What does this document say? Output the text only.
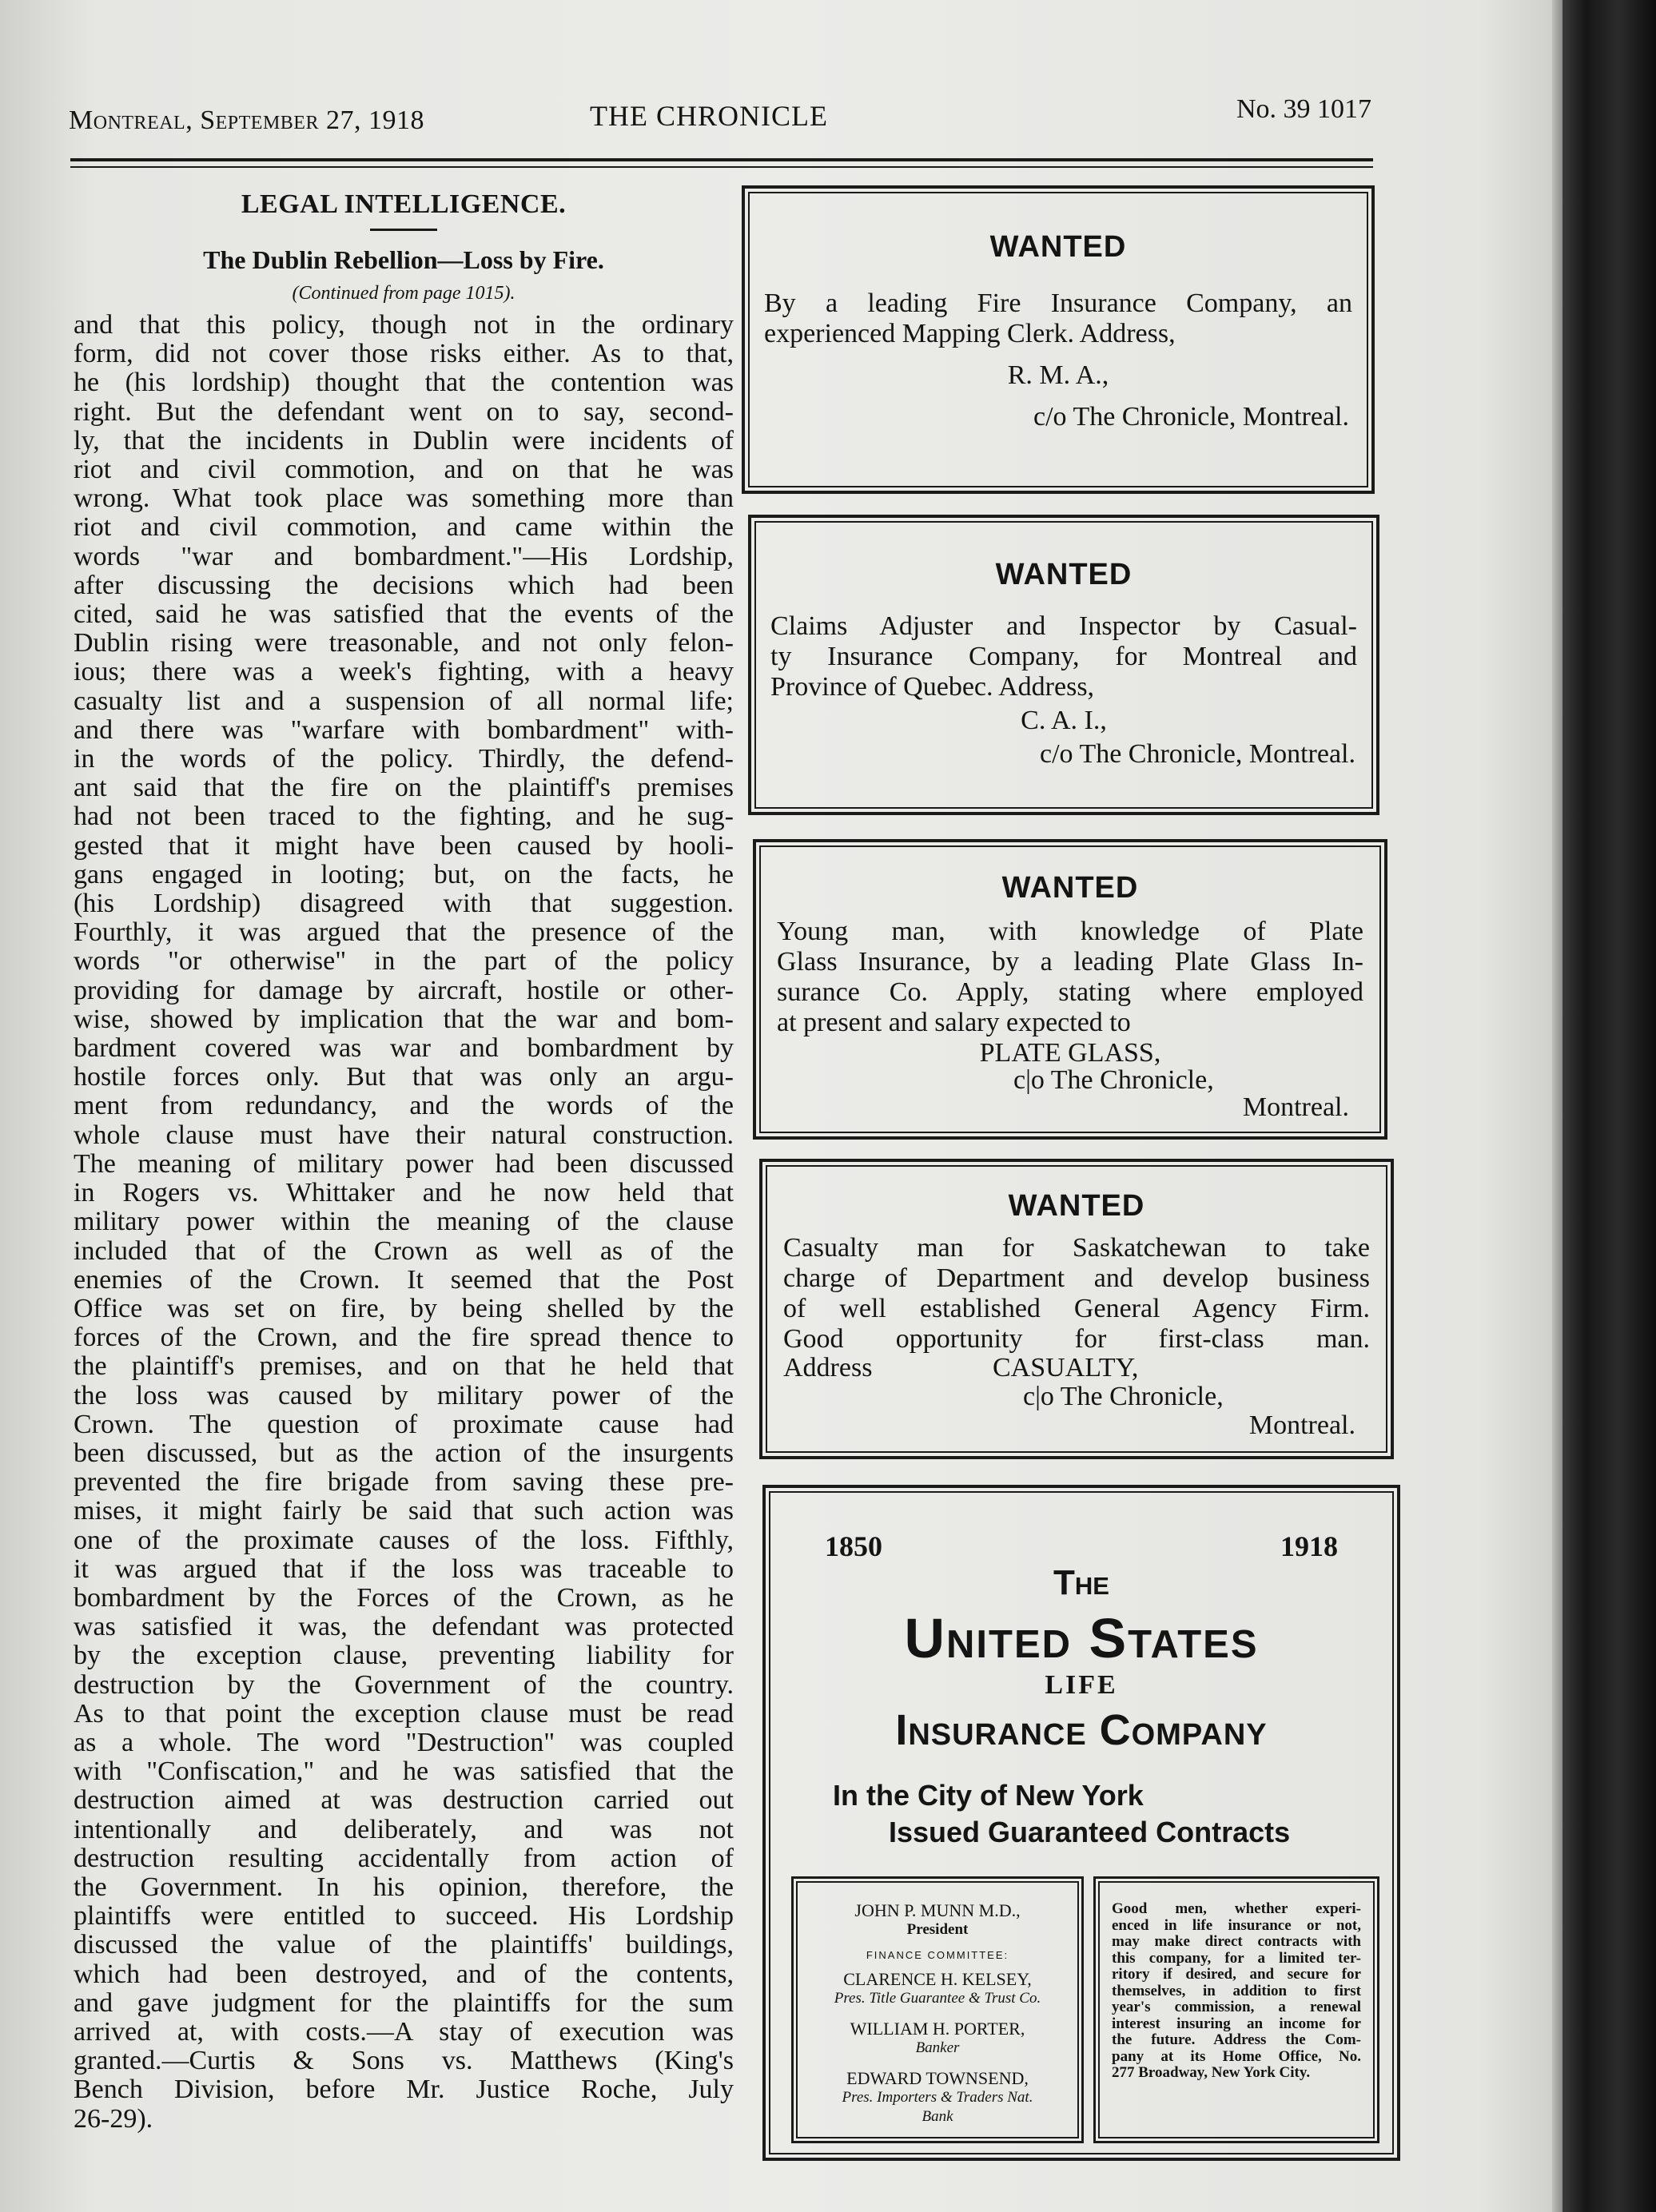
Montreal, September 27, 1918	THE CHRONICLE	No. 39 1017
LEGAL INTELLIGENCE.
The Dublin Rebellion—Loss by Fire.
(Continued from page 1015).
and that this policy, though not in the ordinary
form, did not cover those risks either. As to that,
he (his lordship) thought that the contention was
right. But the defendant went on to say, second-
ly, that the incidents in Dublin were incidents of
riot and civil commotion, and on that he was
wrong. What took place was something more than
riot and civil commotion, and came within the
words "war and bombardment."—His Lordship,
after discussing the decisions which had been
cited, said he was satisfied that the events of the
Dublin rising were treasonable, and not only felon-
ious; there was a week's fighting, with a heavy
casualty list and a suspension of all normal life;
and there was "warfare with bombardment" with-
in the words of the policy. Thirdly, the defend-
ant said that the fire on the plaintiff's premises
had not been traced to the fighting, and he sug-
gested that it might have been caused by hooli-
gans engaged in looting; but, on the facts, he
(his Lordship) disagreed with that suggestion.
Fourthly, it was argued that the presence of the
words "or otherwise" in the part of the policy
providing for damage by aircraft, hostile or other-
wise, showed by implication that the war and bom-
bardment covered was war and bombardment by
hostile forces only. But that was only an argu-
ment from redundancy, and the words of the
whole clause must have their natural construction.
The meaning of military power had been discussed
in Rogers vs. Whittaker and he now held that
military power within the meaning of the clause
included that of the Crown as well as of the
enemies of the Crown. It seemed that the Post
Office was set on fire, by being shelled by the
forces of the Crown, and the fire spread thence to
the plaintiff's premises, and on that he held that
the loss was caused by military power of the
Crown. The question of proximate cause had
been discussed, but as the action of the insurgents
prevented the fire brigade from saving these pre-
mises, it might fairly be said that such action was
one of the proximate causes of the loss. Fifthly,
it was argued that if the loss was traceable to
bombardment by the Forces of the Crown, as he
was satisfied it was, the defendant was protected
by the exception clause, preventing liability for
destruction by the Government of the country.
As to that point the exception clause must be read
as a whole. The word "Destruction" was coupled
with "Confiscation," and he was satisfied that the
destruction aimed at was destruction carried out
intentionally and deliberately, and was not
destruction resulting accidentally from action of
the Government. In his opinion, therefore, the
plaintiffs were entitled to succeed. His Lordship
discussed the value of the plaintiffs' buildings,
which had been destroyed, and of the contents,
and gave judgment for the plaintiffs for the sum
arrived at, with costs.—A stay of execution was
granted.—Curtis & Sons vs. Matthews (King's
Bench Division, before Mr. Justice Roche, July
26-29).
WANTED

By a leading Fire Insurance Company, an

experienced Mapping Clerk. Address,

R. M. A.,

c/o The Chronicle, Montreal.

WANTED

Claims Adjuster and Inspector by Casual-

ty Insurance Company, for Montreal and

Province of Quebec. Address,

C. A. I.,

c/o The Chronicle, Montreal.

WANTED

Young man, with knowledge of Plate

Glass Insurance, by a leading Plate Glass In-

surance Co. Apply, stating where employed

at present and salary expected to

PLATE GLASS,

c|o The Chronicle,

Montreal.

WANTED

Casualty man for Saskatchewan to take

charge of Department and develop business

of well established General Agency Firm.

Good opportunity for first-class man.

Address	CASUALTY,

c|o The Chronicle,

Montreal.

1850	1918
The
United States
LIFE
Insurance Company
In the City of New York
Issued Guaranteed Contracts
JOHN P. MUNN M.D.,
President
FINANCE COMMITTEE:
CLARENCE H. KELSEY,
Pres. Title Guarantee & Trust Co.
WILLIAM H. PORTER,
Banker
EDWARD TOWNSEND,
Pres. Importers & Traders Nat.
Bank
Good men, whether experi-
enced in life insurance or not,
may make direct contracts with
this company, for a limited ter-
ritory if desired, and secure for
themselves, in addition to first
year's commission, a renewal
interest insuring an income for
the future. Address the Com-
pany at its Home Office, No.
277 Broadway, New York City.
